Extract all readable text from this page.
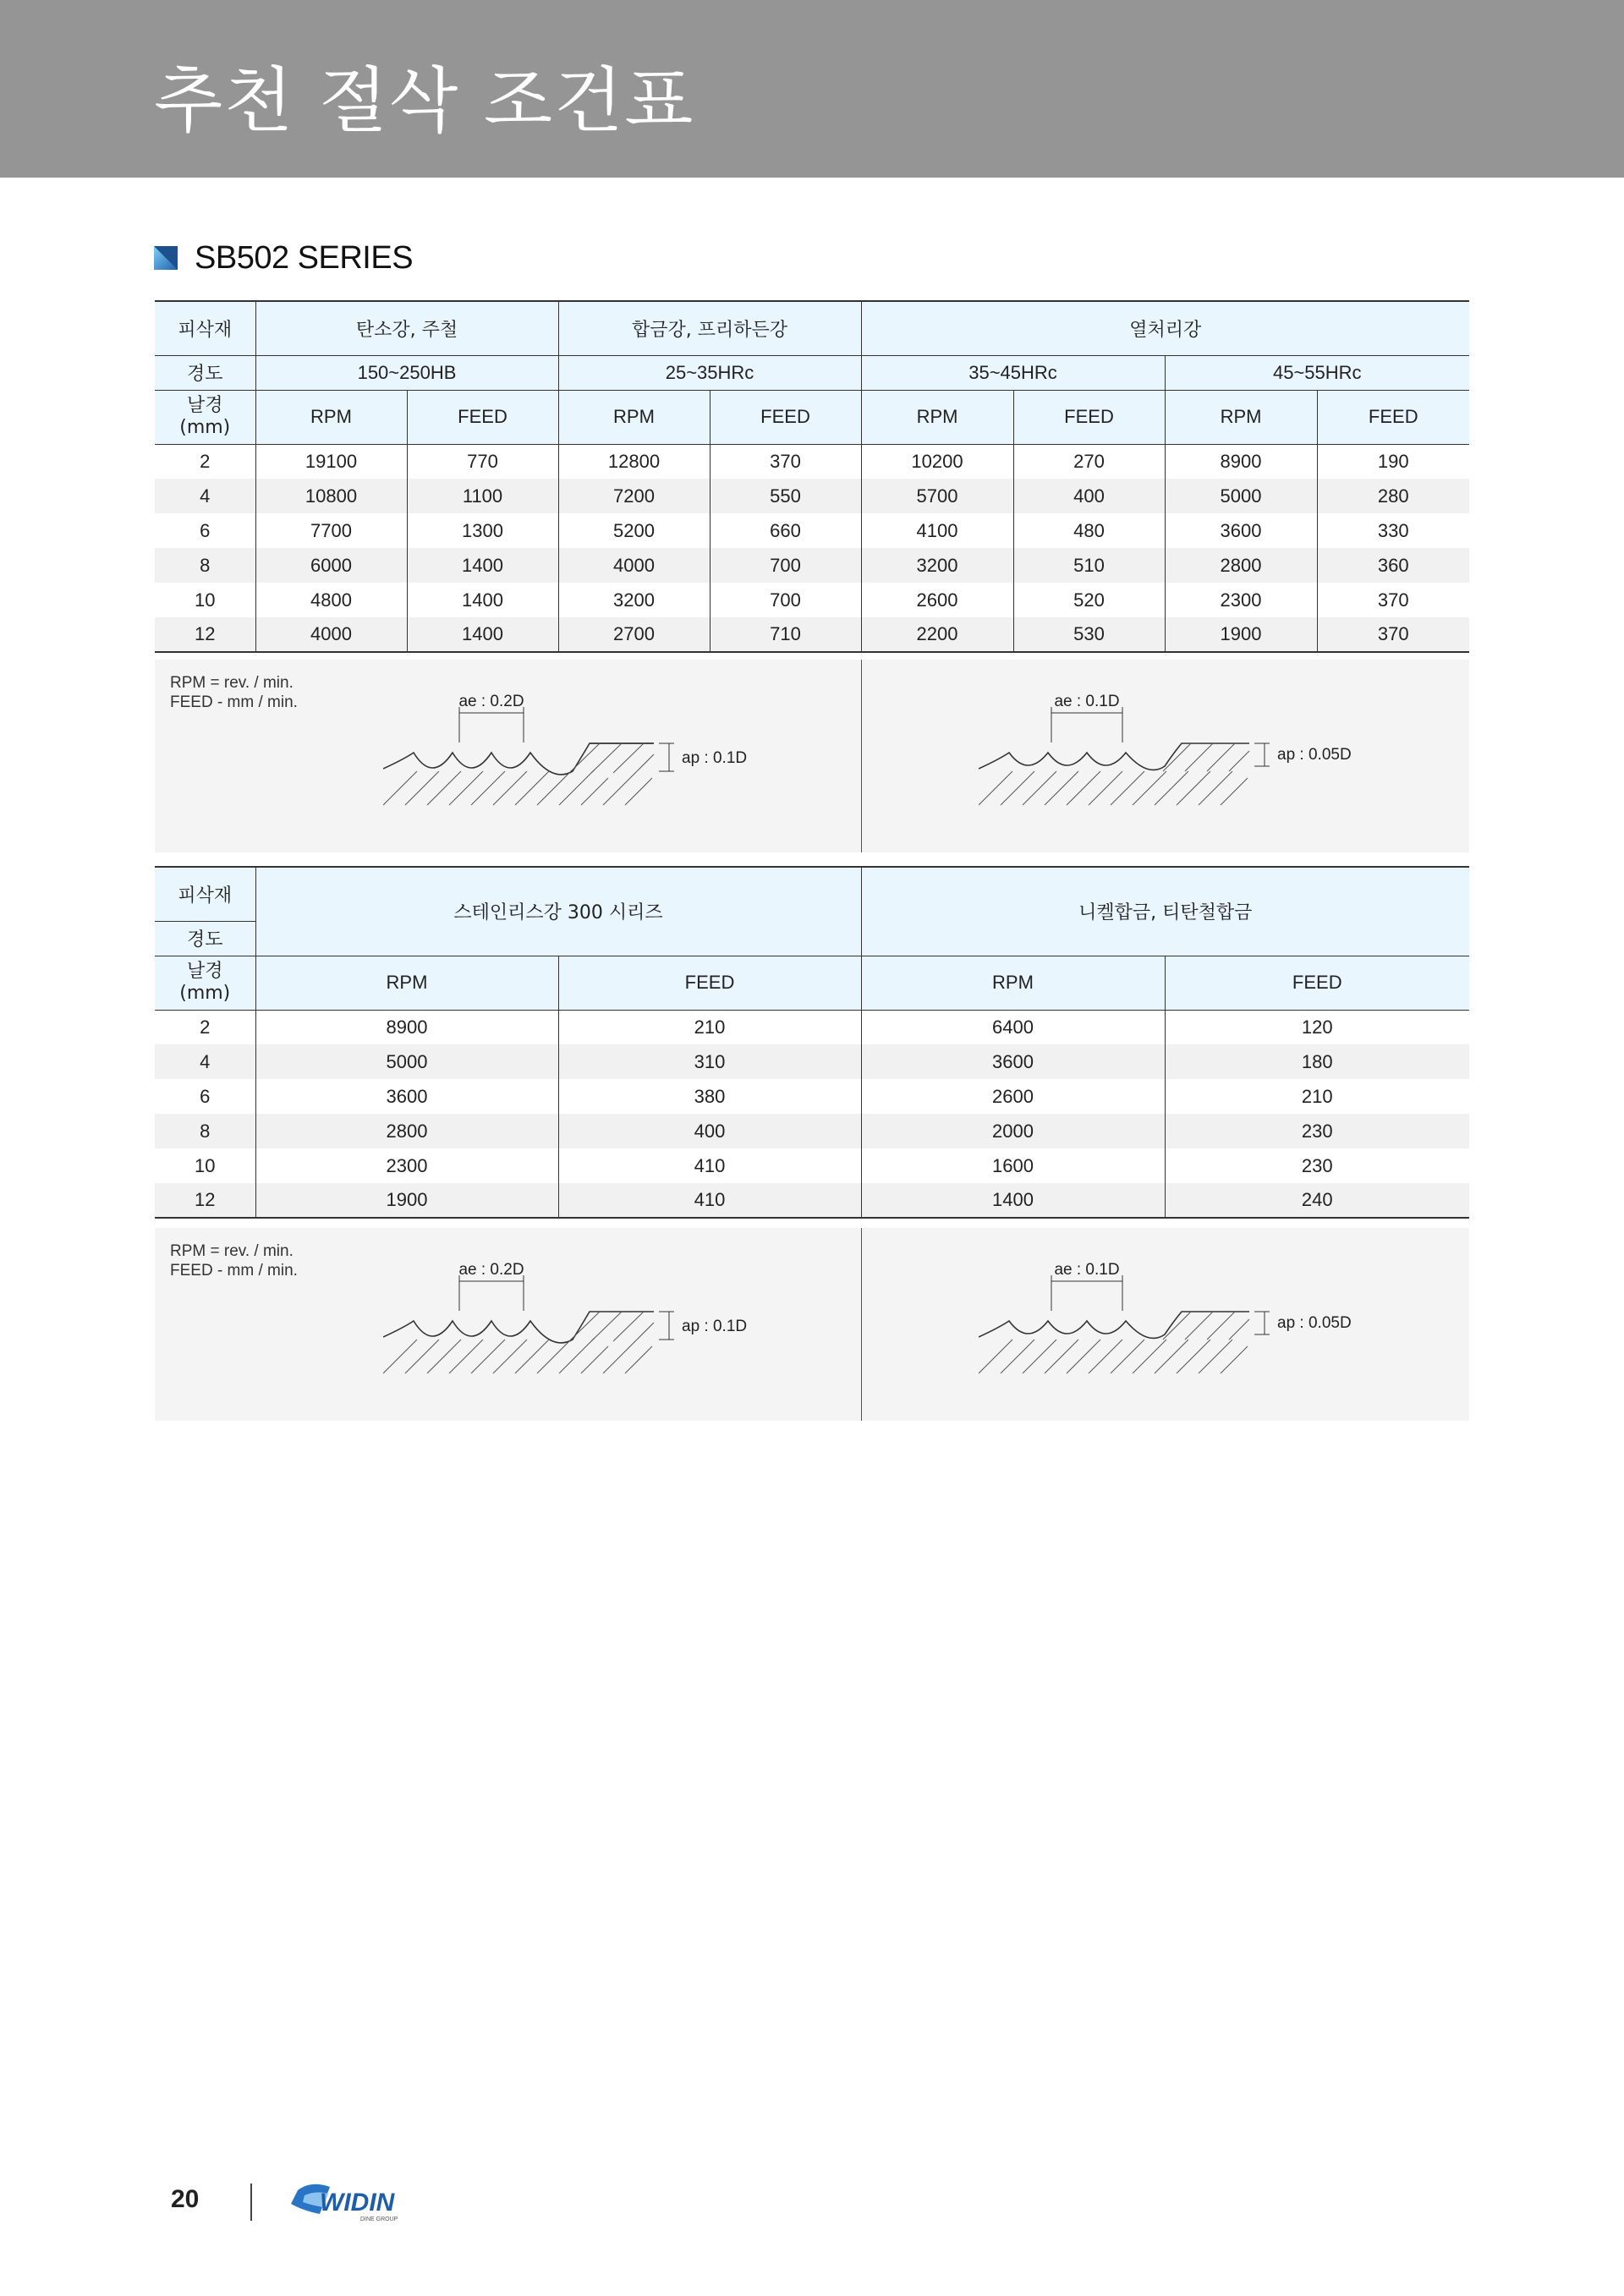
추천 절삭 조건표
SB502 SERIES
피삭재	탄소강, 주철		합금강, 프리하든강		열처리강			
경도	150~250HB		25~35HRc		35~45HRc		45~55HRc	
날경
(mm)	RPM	FEED	RPM	FEED	RPM	FEED	RPM	FEED
2	19100	770	12800	370	10200	270	8900	190
4	10800	1100	7200	550	5700	400	5000	280
6	7700	1300	5200	660	4100	480	3600	330
8	6000	1400	4000	700	3200	510	2800	360
10	4800	1400	3200	700	2600	520	2300	370
12	4000	1400	2700	710	2200	530	1900	370
RPM = rev. / min.
FEED - mm / min.	ae : 0.2D
ap : 0.1D
ae : 0.1D
ap : 0.05D
피삭재	스테인리스강 300 시리즈		니켈합금, 티탄철합금	
경도				
날경
(mm)	RPM	FEED	RPM	FEED
2	8900	210	6400	120
4	5000	310	3600	180
6	3600	380	2600	210
8	2800	400	2000	230
10	2300	410	1600	230
12	1900	410	1400	240
RPM = rev. / min.
FEED - mm / min.	ae : 0.2D
ap : 0.1D
ae : 0.1D
ap : 0.05D
20	WIDIN
DINE GROUP
